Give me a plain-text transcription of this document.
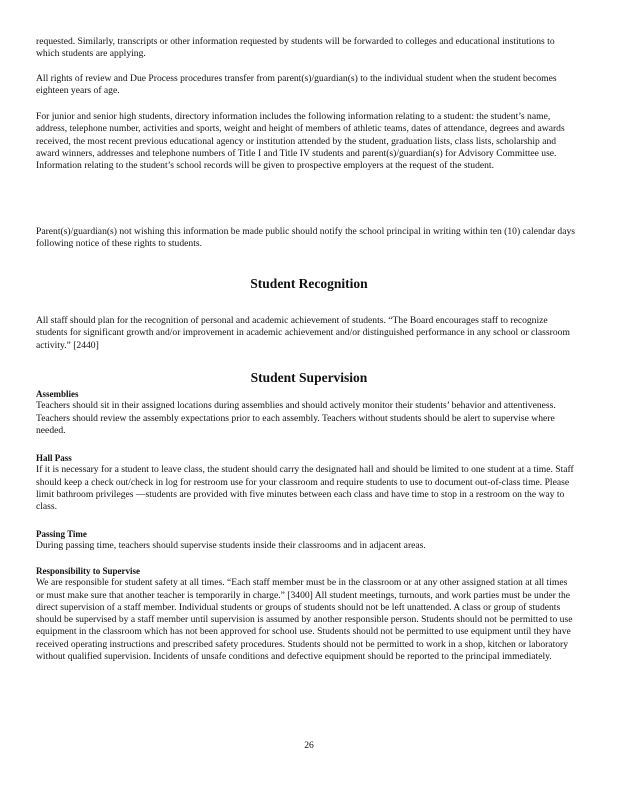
requested. Similarly, transcripts or other information requested by students will be forwarded to colleges and educational institutions to which students are applying.

All rights of review and Due Process procedures transfer from parent(s)/guardian(s) to the individual student when the student becomes eighteen years of age.

For junior and senior high students, directory information includes the following information relating to a student: the student’s name, address, telephone number, activities and sports, weight and height of members of athletic teams, dates of attendance, degrees and awards received, the most recent previous educational agency or institution attended by the student, graduation lists, class lists, scholarship and award winners, addresses and telephone numbers of Title I and Title IV students and parent(s)/guardian(s) for Advisory Committee use.

Information relating to the student’s school records will be given to prospective employers at the request of the student.

Parent(s)/guardian(s) not wishing this information be made public should notify the school principal in writing within ten (10) calendar days following notice of these rights to students.

Student Recognition

All staff should plan for the recognition of personal and academic achievement of students. “The Board encourages staff to recognize students for significant growth and/or improvement in academic achievement and/or distinguished performance in any school or classroom activity.” [2440]

Student Supervision

Assemblies

Teachers should sit in their assigned locations during assemblies and should actively monitor their students’ behavior and attentiveness. Teachers should review the assembly expectations prior to each assembly. Teachers without students should be alert to supervise where needed.

Hall Pass

If it is necessary for a student to leave class, the student should carry the designated hall and should be limited to one student at a time. Staff should keep a check out/check in log for restroom use for your classroom and require students to use to document out-of-class time. Please limit bathroom privileges —students are provided with five minutes between each class and have time to stop in a restroom on the way to class.

Passing Time

During passing time, teachers should supervise students inside their classrooms and in adjacent areas.

Responsibility to Supervise

We are responsible for student safety at all times. “Each staff member must be in the classroom or at any other assigned station at all times or must make sure that another teacher is temporarily in charge.” [3400] All student meetings, turnouts, and work parties must be under the direct supervision of a staff member. Individual students or groups of students should not be left unattended. A class or group of students should be supervised by a staff member until supervision is assumed by another responsible person. Students should not be permitted to use equipment in the classroom which has not been approved for school use. Students should not be permitted to use equipment until they have received operating instructions and prescribed safety procedures. Students should not be permitted to work in a shop, kitchen or laboratory without qualified supervision. Incidents of unsafe conditions and defective equipment should be reported to the principal immediately.

26
